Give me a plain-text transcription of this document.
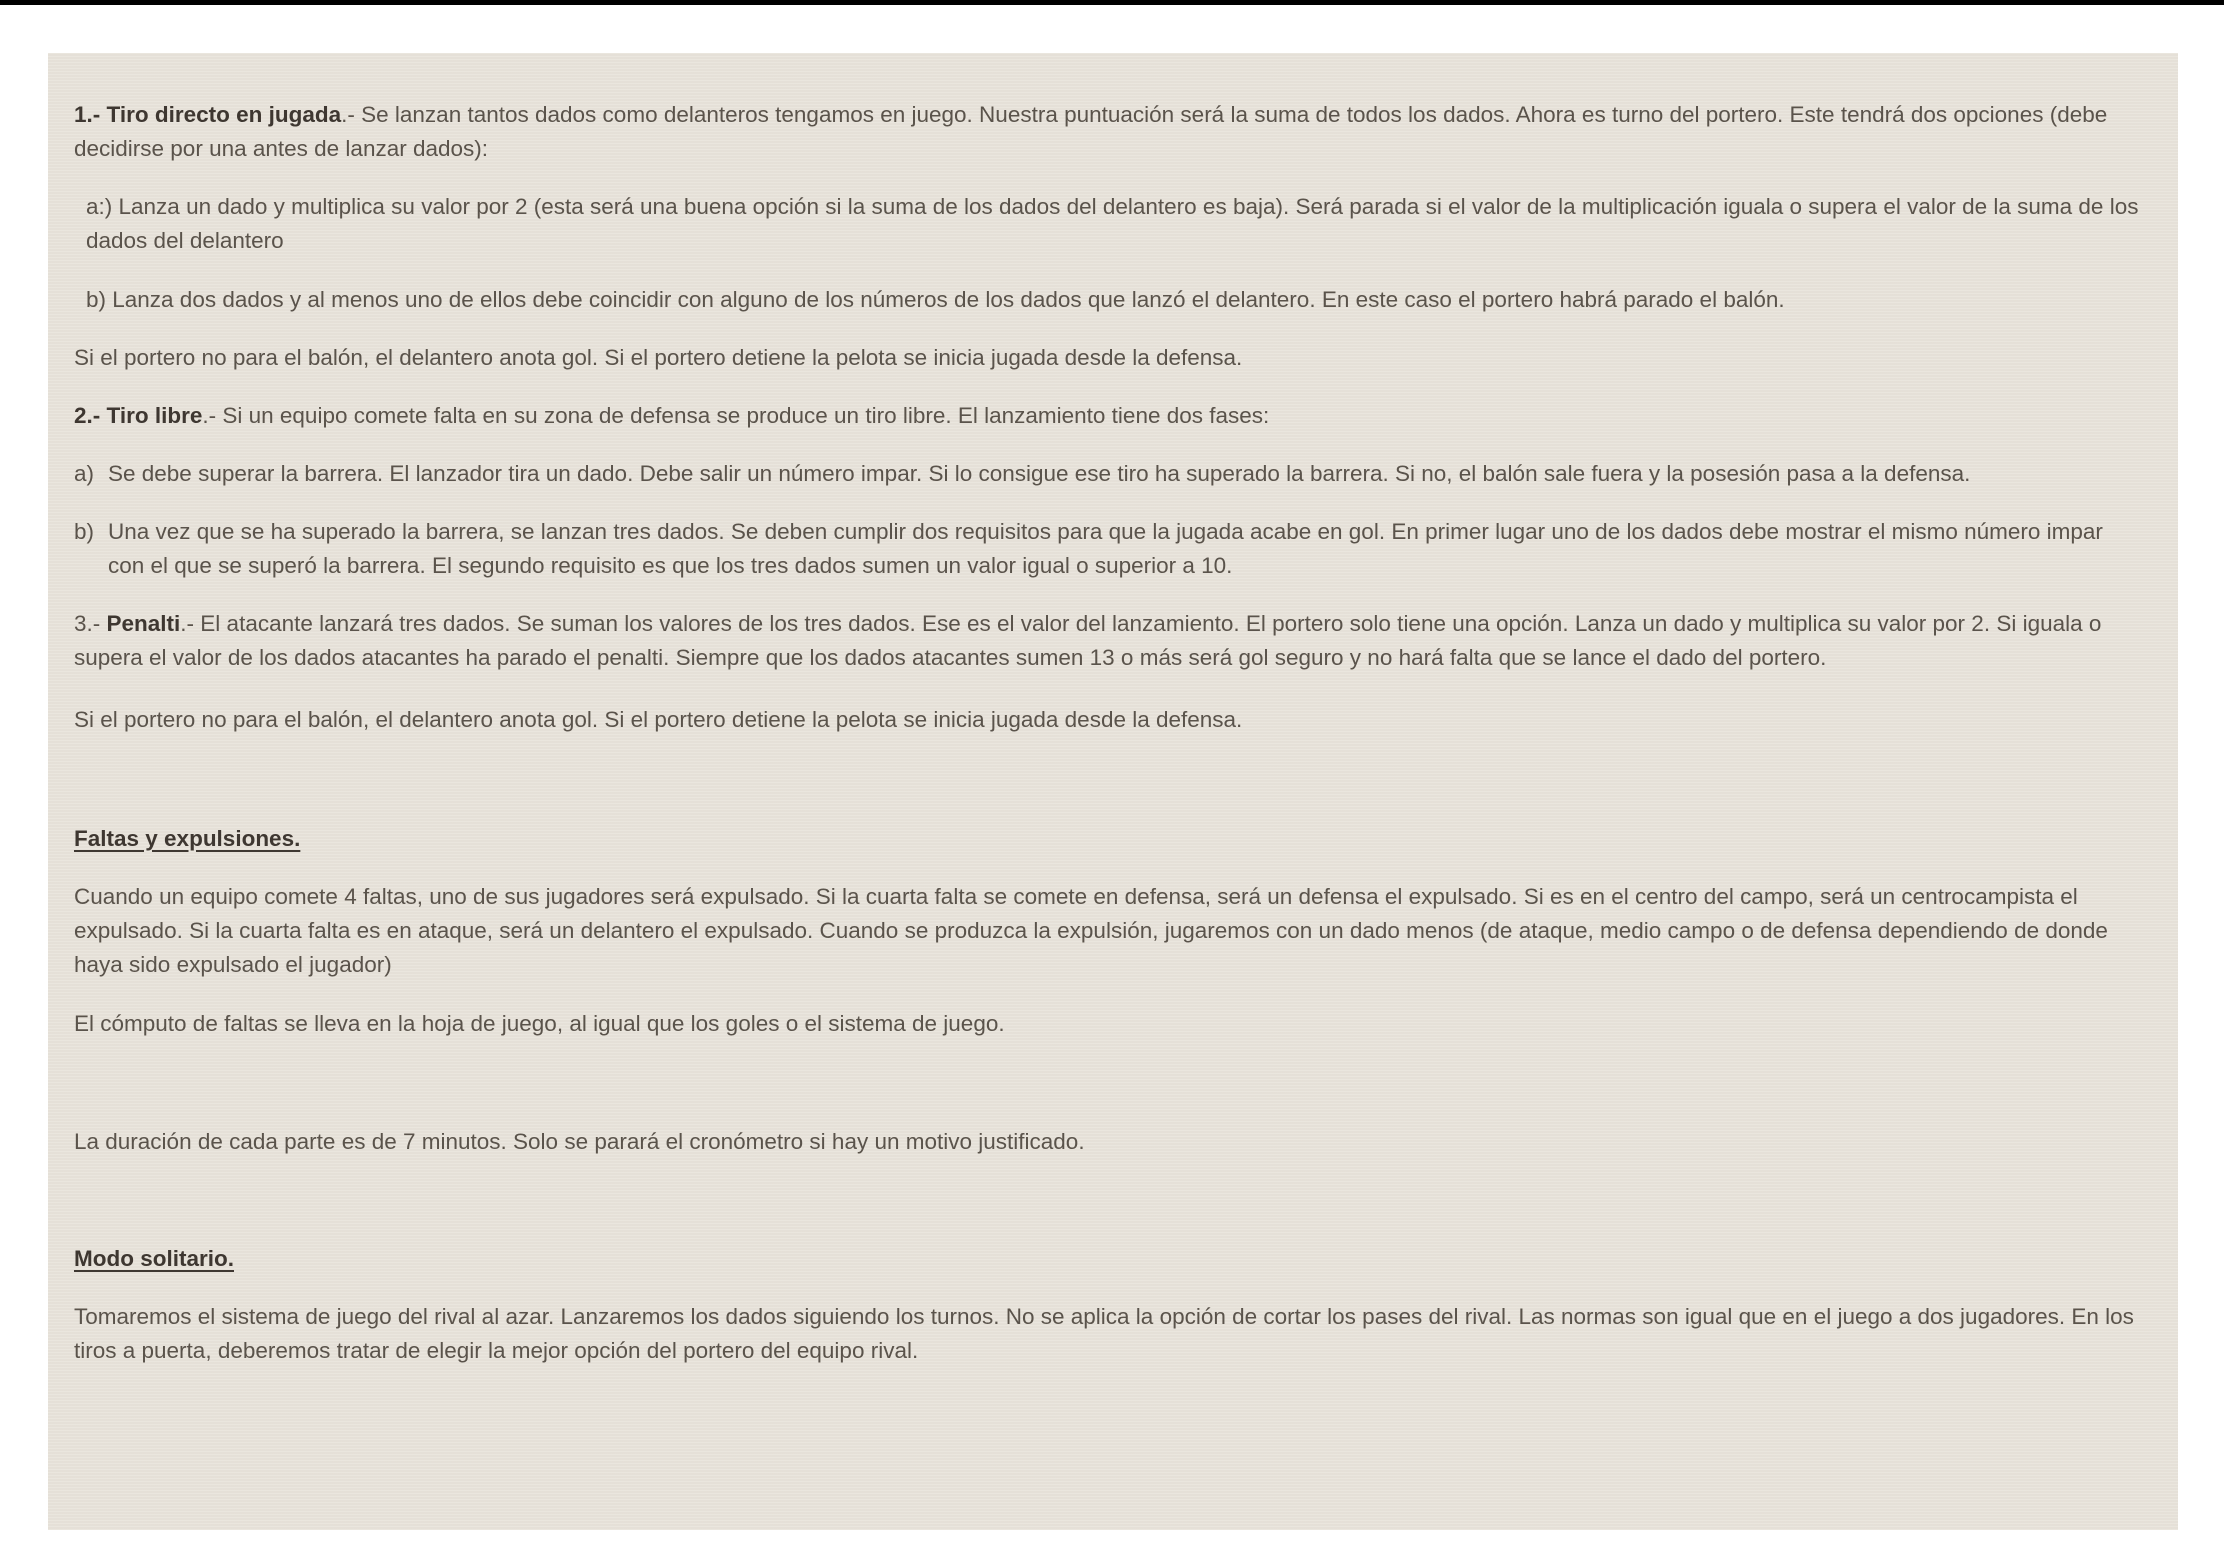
1.- Tiro directo en jugada.- Se lanzan tantos dados como delanteros tengamos en juego. Nuestra puntuación será la suma de todos los dados. Ahora es turno del portero. Este tendrá dos opciones (debe decidirse por una antes de lanzar dados):

a:) Lanza un dado y multiplica su valor por 2 (esta será una buena opción si la suma de los dados del delantero es baja). Será parada si el valor de la multiplicación iguala o supera el valor de la suma de los dados del delantero

b) Lanza dos dados y al menos uno de ellos debe coincidir con alguno de los números de los dados que lanzó el delantero. En este caso el portero habrá parado el balón.

Si el portero no para el balón, el delantero anota gol. Si el portero detiene la pelota se inicia jugada desde la defensa.

2.- Tiro libre.- Si un equipo comete falta en su zona de defensa se produce un tiro libre. El lanzamiento tiene dos fases:

a) Se debe superar la barrera. El lanzador tira un dado. Debe salir un número impar. Si lo consigue ese tiro ha superado la barrera. Si no, el balón sale fuera y la posesión pasa a la defensa.

b) Una vez que se ha superado la barrera, se lanzan tres dados. Se deben cumplir dos requisitos para que la jugada acabe en gol. En primer lugar uno de los dados debe mostrar el mismo número impar con el que se superó la barrera. El segundo requisito es que los tres dados sumen un valor igual o superior a 10.

3.- Penalti.- El atacante lanzará tres dados. Se suman los valores de los tres dados. Ese es el valor del lanzamiento. El portero solo tiene una opción. Lanza un dado y multiplica su valor por 2. Si iguala o supera el valor de los dados atacantes ha parado el penalti. Siempre que los dados atacantes sumen 13 o más será gol seguro y no hará falta que se lance el dado del portero.

Si el portero no para el balón, el delantero anota gol. Si el portero detiene la pelota se inicia jugada desde la defensa.

Faltas y expulsiones.

Cuando un equipo comete 4 faltas, uno de sus jugadores será expulsado. Si la cuarta falta se comete en defensa, será un defensa el expulsado. Si es en el centro del campo, será un centrocampista el expulsado. Si la cuarta falta es en ataque, será un delantero el expulsado. Cuando se produzca la expulsión, jugaremos con un dado menos (de ataque, medio campo o de defensa dependiendo de donde haya sido expulsado el jugador)

El cómputo de faltas se lleva en la hoja de juego, al igual que los goles o el sistema de juego.

La duración de cada parte es de 7 minutos. Solo se parará el cronómetro si hay un motivo justificado.

Modo solitario.

Tomaremos el sistema de juego del rival al azar. Lanzaremos los dados siguiendo los turnos. No se aplica la opción de cortar los pases del rival. Las normas son igual que en el juego a dos jugadores. En los tiros a puerta, deberemos tratar de elegir la mejor opción del portero del equipo rival.
